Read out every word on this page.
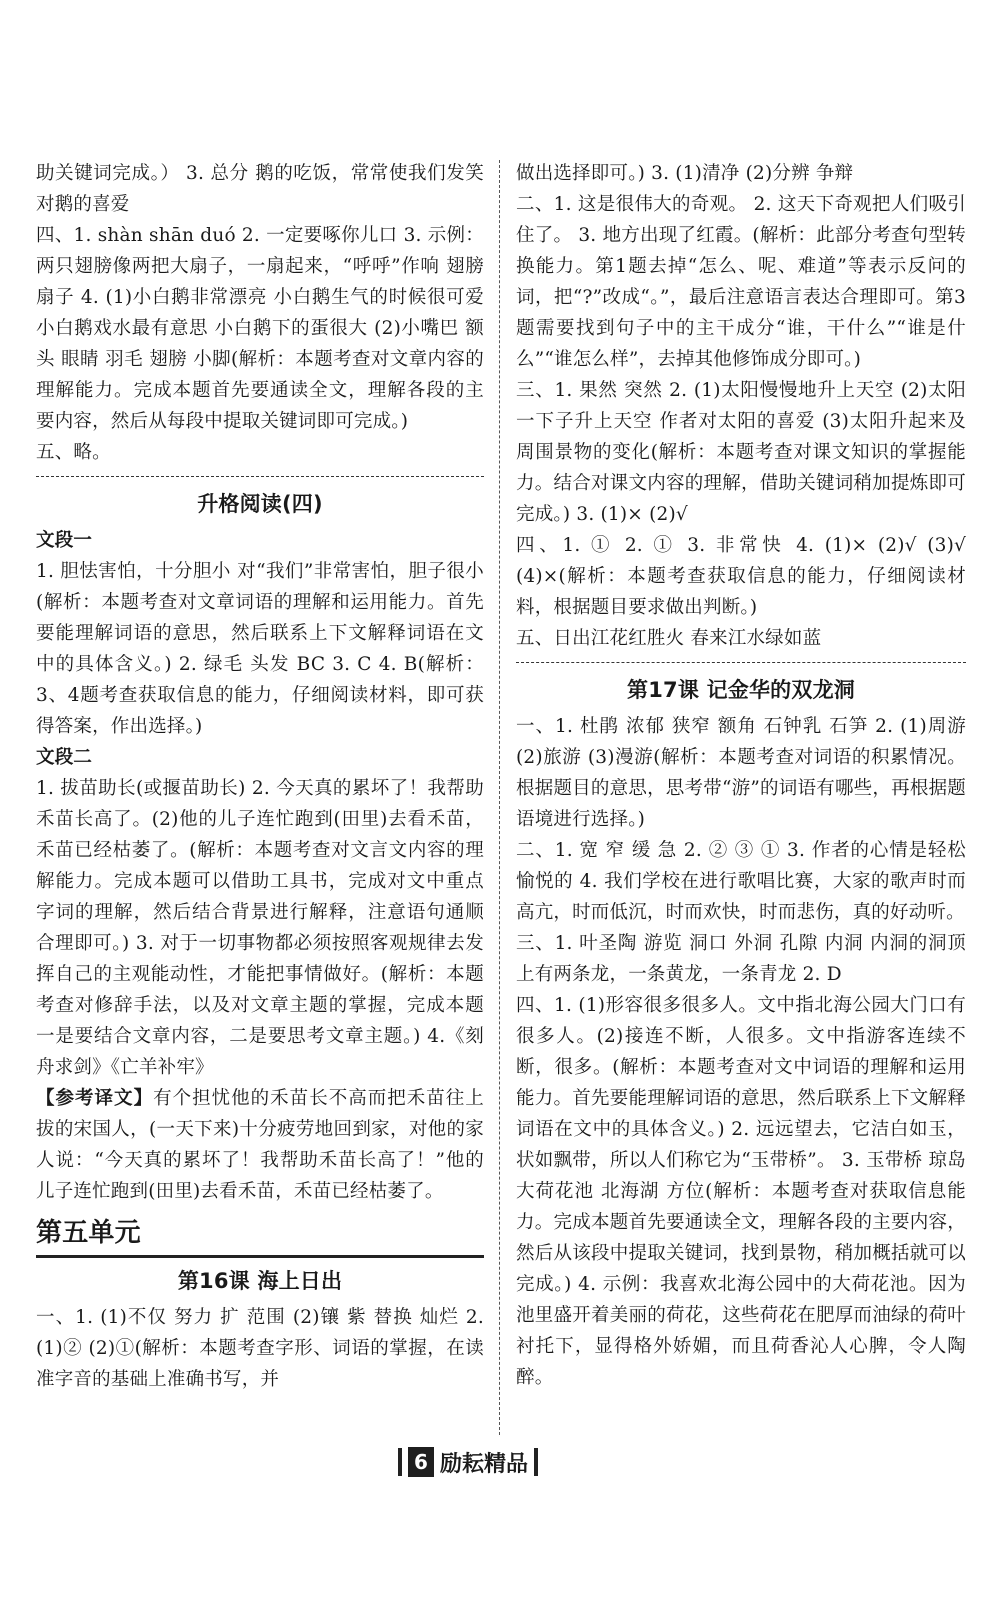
助关键词完成。） 3. 总分 鹅的吃饭，常常使我们发笑 对鹅的喜爱

四、1. shàn shān duó 2. 一定要啄你儿口 3. 示例：两只翅膀像两把大扇子，一扇起来，“呼呼”作响 翅膀 扇子 4. (1)小白鹅非常漂亮 小白鹅生气的时候很可爱 小白鹅戏水最有意思 小白鹅下的蛋很大 (2)小嘴巴 额头 眼睛 羽毛 翅膀 小脚(解析：本题考查对文章内容的理解能力。完成本题首先要通读全文，理解各段的主要内容，然后从每段中提取关键词即可完成。)

五、略。

升格阅读(四)

文段一

1. 胆怯害怕，十分胆小 对“我们”非常害怕，胆子很小(解析：本题考查对文章词语的理解和运用能力。首先要能理解词语的意思，然后联系上下文解释词语在文中的具体含义。) 2. 绿毛 头发 BC 3. C 4. B(解析：3、4题考查获取信息的能力，仔细阅读材料，即可获得答案，作出选择。)

文段二

1. 拔苗助长(或揠苗助长) 2. 今天真的累坏了！我帮助禾苗长高了。(2)他的儿子连忙跑到(田里)去看禾苗，禾苗已经枯萎了。(解析：本题考查对文言文内容的理解能力。完成本题可以借助工具书，完成对文中重点字词的理解，然后结合背景进行解释，注意语句通顺合理即可。) 3. 对于一切事物都必须按照客观规律去发挥自己的主观能动性，才能把事情做好。(解析：本题考查对修辞手法，以及对文章主题的掌握，完成本题一是要结合文章内容，二是要思考文章主题。) 4.《刻舟求剑》《亡羊补牢》

【参考译文】有个担忧他的禾苗长不高而把禾苗往上拔的宋国人，(一天下来)十分疲劳地回到家，对他的家人说：“今天真的累坏了！我帮助禾苗长高了！”他的儿子连忙跑到(田里)去看禾苗，禾苗已经枯萎了。

第五单元
第16课 海上日出

一、1. (1)不仅 努力 扩 范围 (2)镶 紫 替换 灿烂 2. (1)② (2)①(解析：本题考查字形、词语的掌握，在读准字音的基础上准确书写，并

做出选择即可。) 3. (1)清净 (2)分辨 争辩

二、1. 这是很伟大的奇观。 2. 这天下奇观把人们吸引住了。 3. 地方出现了红霞。(解析：此部分考查句型转换能力。第1题去掉“怎么、呢、难道”等表示反问的词，把“?”改成“。”，最后注意语言表达合理即可。第3题需要找到句子中的主干成分“谁，干什么”“谁是什么”“谁怎么样”，去掉其他修饰成分即可。)

三、1. 果然 突然 2. (1)太阳慢慢地升上天空 (2)太阳一下子升上天空 作者对太阳的喜爱 (3)太阳升起来及周围景物的变化(解析：本题考查对课文知识的掌握能力。结合对课文内容的理解，借助关键词稍加提炼即可完成。) 3. (1)× (2)√

四、1. ① 2. ① 3. 非常快 4. (1)× (2)√ (3)√ (4)×(解析：本题考查获取信息的能力，仔细阅读材料，根据题目要求做出判断。)

五、日出江花红胜火 春来江水绿如蓝

第17课 记金华的双龙洞

一、1. 杜鹃 浓郁 狭窄 额角 石钟乳 石笋 2. (1)周游 (2)旅游 (3)漫游(解析：本题考查对词语的积累情况。根据题目的意思，思考带“游”的词语有哪些，再根据题语境进行选择。)

二、1. 宽 窄 缓 急 2. ② ③ ① 3. 作者的心情是轻松愉悦的 4. 我们学校在进行歌唱比赛，大家的歌声时而高亢，时而低沉，时而欢快，时而悲伤，真的好动听。

三、1. 叶圣陶 游览 洞口 外洞 孔隙 内洞 内洞的洞顶上有两条龙，一条黄龙，一条青龙 2. D

四、1. (1)形容很多很多人。文中指北海公园大门口有很多人。(2)接连不断，人很多。文中指游客连续不断，很多。(解析：本题考查对文中词语的理解和运用能力。首先要能理解词语的意思，然后联系上下文解释词语在文中的具体含义。) 2. 远远望去，它洁白如玉，状如飘带，所以人们称它为“玉带桥”。 3. 玉带桥 琼岛 大荷花池 北海湖 方位(解析：本题考查对获取信息能力。完成本题首先要通读全文，理解各段的主要内容，然后从该段中提取关键词，找到景物，稍加概括就可以完成。) 4. 示例：我喜欢北海公园中的大荷花池。因为池里盛开着美丽的荷花，这些荷花在肥厚而油绿的荷叶衬托下，显得格外娇媚，而且荷香沁人心脾，令人陶醉。

6 励耘精品
